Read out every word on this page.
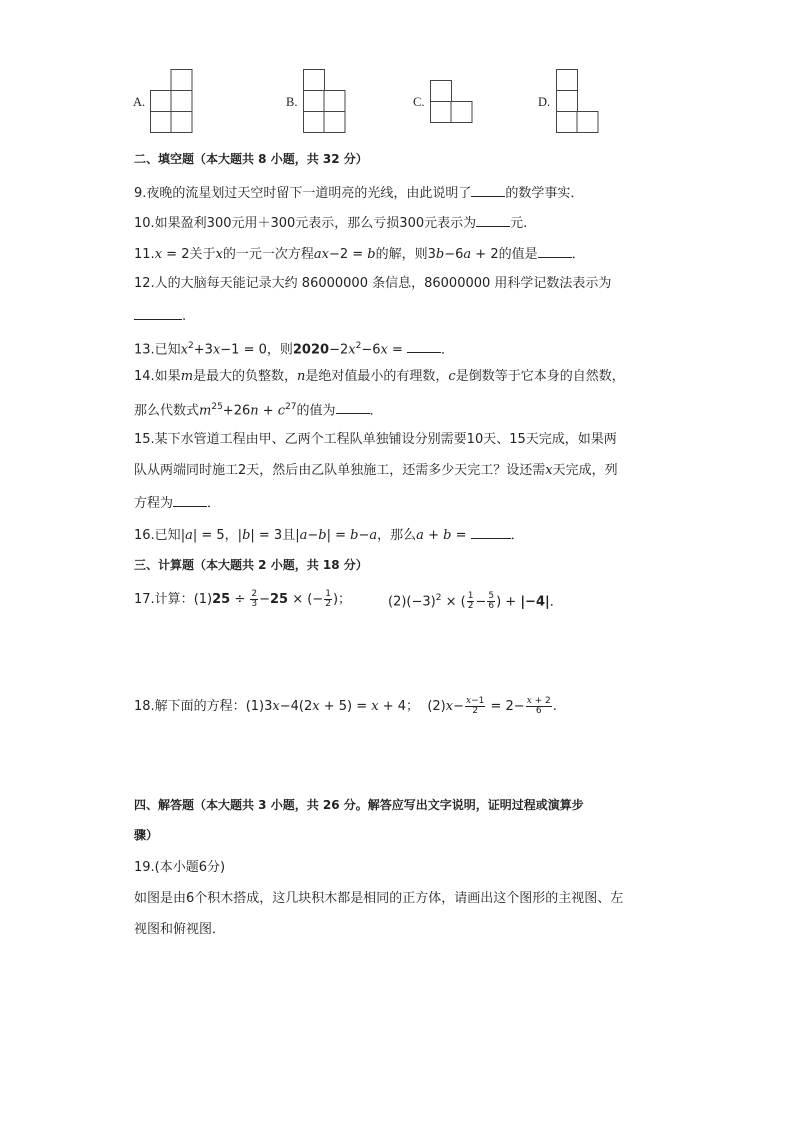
A.	B.	C.	D.
二、填空题（本大题共 8 小题，共 32 分）
9.夜晚的流星划过天空时留下一道明亮的光线，由此说明了	的数学事实．
10.如果盈利300元用＋300元表示，那么亏损300元表示为	元.
11.x = 2关于x的一元一次方程ax−2 = b的解，则3b−6a + 2的值是	．
12.人的大脑每天能记录大约 86000000 条信息，86000000 用科学记数法表示为
.
13.已知$x^2+3x-1 = 0$，则$2020-2x^2-6x$ =	．
14.如果m是最大的负整数，n是绝对值最小的有理数，c是倒数等于它本身的自然数，
那么代数式$m^{25}+26n + c^{27}$的值为	．
15.某下水管道工程由甲、乙两个工程队单独铺设分别需要10天、15天完成，如果两
队从两端同时施工2天，然后由乙队单独施工，还需多少天完工？设还需x天完成，列
方程为	．
16.已知|a| = 5，|b| = 3且|a−b| = b−a，那么a + b =	．
三、计算题（本大题共 2 小题，共 18 分）
17.计算：$(1)25 \div \frac{2}{3} -25$ × (− $\frac{1}{2}$ )；	$(2)(-3)^2$ × ( $\frac{1}{2} - \frac{5}{6}$ ) + |−4|．
18.解下面的方程：(1)3x−4(2x + 5) = x + 4； $(2)x- \frac{x-1}{2} = 2- \frac{x + 2}{6}$ .
四、解答题（本大题共 3 小题，共 26 分。解答应写出文字说明，证明过程或演算步
骤）
19.(本小题6分)
如图是由6个积木搭成，这几块积木都是相同的正方体，请画出这个图形的主视图、左
视图和俯视图．
